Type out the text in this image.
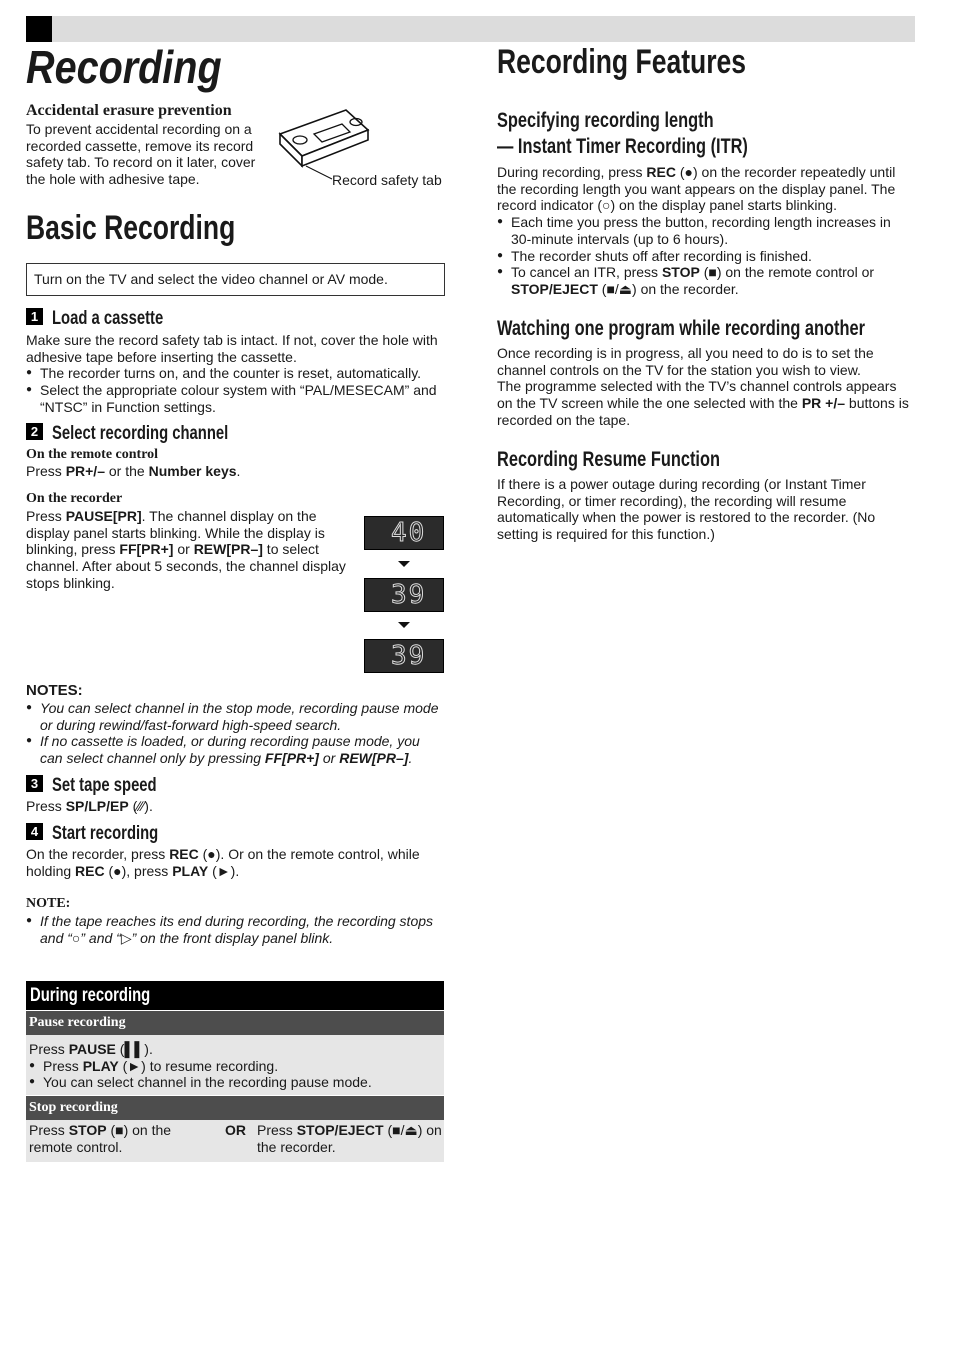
Recording
Accidental erasure prevention
To prevent accidental recording on a recorded cassette, remove its record safety tab. To record on it later, cover the hole with adhesive tape.	Record safety tab
Basic Recording
Turn on the TV and select the video channel or AV mode.
1 Load a cassette
Make sure the record safety tab is intact. If not, cover the hole with adhesive tape before inserting the cassette.
● The recorder turns on, and the counter is reset, automatically.
● Select the appropriate colour system with “PAL/MESECAM” and “NTSC” in Function settings.
2 Select recording channel
On the remote control
Press PR+/– or the Number keys.
On the recorder
Press PAUSE[PR]. The channel display on the display panel starts blinking. While the display is blinking, press FF[PR+] or REW[PR–] to select channel. After about 5 seconds, the channel display stops blinking.
40
39
39
NOTES:
● You can select channel in the stop mode, recording pause mode or during rewind/fast-forward high-speed search.
● If no cassette is loaded, or during recording pause mode, you can select channel only by pressing FF[PR+] or REW[PR–].
3 Set tape speed
Press SP/LP/EP (∕∕∕).
4 Start recording
On the recorder, press REC (●). Or on the remote control, while holding REC (●), press PLAY (►).
NOTE:
● If the tape reaches its end during recording, the recording stops and “○” and “▷” on the front display panel blink.
During recording
Pause recording
Press PAUSE (▌▌).
● Press PLAY (►) to resume recording.
● You can select channel in the recording pause mode.
Stop recording
Press STOP (■) on the remote control.
OR Press STOP/EJECT (■/⏏) on the recorder.
Recording Features
Specifying recording length
— Instant Timer Recording (ITR)
During recording, press REC (●) on the recorder repeatedly until the recording length you want appears on the display panel. The record indicator (○) on the display panel starts blinking.
● Each time you press the button, recording length increases in 30-minute intervals (up to 6 hours).
● The recorder shuts off after recording is finished.
● To cancel an ITR, press STOP (■) on the remote control or STOP/EJECT (■/⏏) on the recorder.
Watching one program while recording another
Once recording is in progress, all you need to do is to set the channel controls on the TV for the station you wish to view.
The programme selected with the TV’s channel controls appears on the TV screen while the one selected with the PR +/– buttons is recorded on the tape.
Recording Resume Function
If there is a power outage during recording (or Instant Timer Recording, or timer recording), the recording will resume automatically when the power is restored to the recorder. (No setting is required for this function.)
